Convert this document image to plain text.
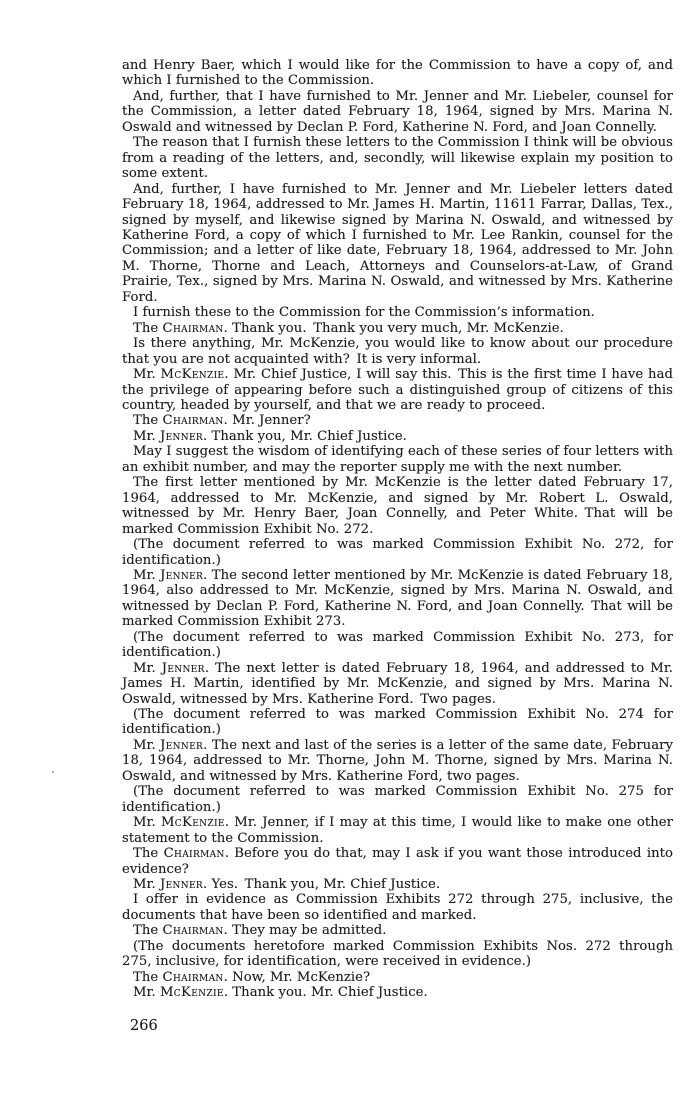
and Henry Baer, which I would like for the Commission to have a copy of, and which I furnished to the Commission.

And, further, that I have furnished to Mr. Jenner and Mr. Liebeler, counsel for the Commission, a letter dated February 18, 1964, signed by Mrs. Marina N. Oswald and witnessed by Declan P. Ford, Katherine N. Ford, and Joan Connelly.

The reason that I furnish these letters to the Commission I think will be obvious from a reading of the letters, and, secondly, will likewise explain my position to some extent.

And, further, I have furnished to Mr. Jenner and Mr. Liebeler letters dated February 18, 1964, addressed to Mr. James H. Martin, 11611 Farrar, Dallas, Tex., signed by myself, and likewise signed by Marina N. Oswald, and witnessed by Katherine Ford, a copy of which I furnished to Mr. Lee Rankin, counsel for the Commission; and a letter of like date, February 18, 1964, addressed to Mr. John M. Thorne, Thorne and Leach, Attorneys and Counselors-at-Law, of Grand Prairie, Tex., signed by Mrs. Marina N. Oswald, and witnessed by Mrs. Katherine Ford.

I furnish these to the Commission for the Commission’s information.

The Chairman. Thank you. Thank you very much, Mr. McKenzie.

Is there anything, Mr. McKenzie, you would like to know about our procedure that you are not acquainted with? It is very informal.

Mr. McKenzie. Mr. Chief Justice, I will say this. This is the first time I have had the privilege of appearing before such a distinguished group of citizens of this country, headed by yourself, and that we are ready to proceed.

The Chairman. Mr. Jenner?

Mr. Jenner. Thank you, Mr. Chief Justice.

May I suggest the wisdom of identifying each of these series of four letters with an exhibit number, and may the reporter supply me with the next number.

The first letter mentioned by Mr. McKenzie is the letter dated February 17, 1964, addressed to Mr. McKenzie, and signed by Mr. Robert L. Oswald, witnessed by Mr. Henry Baer, Joan Connelly, and Peter White. That will be marked Commission Exhibit No. 272.

(The document referred to was marked Commission Exhibit No. 272, for identification.)

Mr. Jenner. The second letter mentioned by Mr. McKenzie is dated February 18, 1964, also addressed to Mr. McKenzie, signed by Mrs. Marina N. Oswald, and witnessed by Declan P. Ford, Katherine N. Ford, and Joan Connelly. That will be marked Commission Exhibit 273.

(The document referred to was marked Commission Exhibit No. 273, for identification.)

Mr. Jenner. The next letter is dated February 18, 1964, and addressed to Mr. James H. Martin, identified by Mr. McKenzie, and signed by Mrs. Marina N. Oswald, witnessed by Mrs. Katherine Ford. Two pages.

(The document referred to was marked Commission Exhibit No. 274 for identification.)

Mr. Jenner. The next and last of the series is a letter of the same date, February 18, 1964, addressed to Mr. Thorne, John M. Thorne, signed by Mrs. Marina N. Oswald, and witnessed by Mrs. Katherine Ford, two pages.

(The document referred to was marked Commission Exhibit No. 275 for identification.)

Mr. McKenzie. Mr. Jenner, if I may at this time, I would like to make one other statement to the Commission.

The Chairman. Before you do that, may I ask if you want those introduced into evidence?

Mr. Jenner. Yes. Thank you, Mr. Chief Justice.

I offer in evidence as Commission Exhibits 272 through 275, inclusive, the documents that have been so identified and marked.

The Chairman. They may be admitted.

(The documents heretofore marked Commission Exhibits Nos. 272 through 275, inclusive, for identification, were received in evidence.)

The Chairman. Now, Mr. McKenzie?

Mr. McKenzie. Thank you. Mr. Chief Justice.

266
